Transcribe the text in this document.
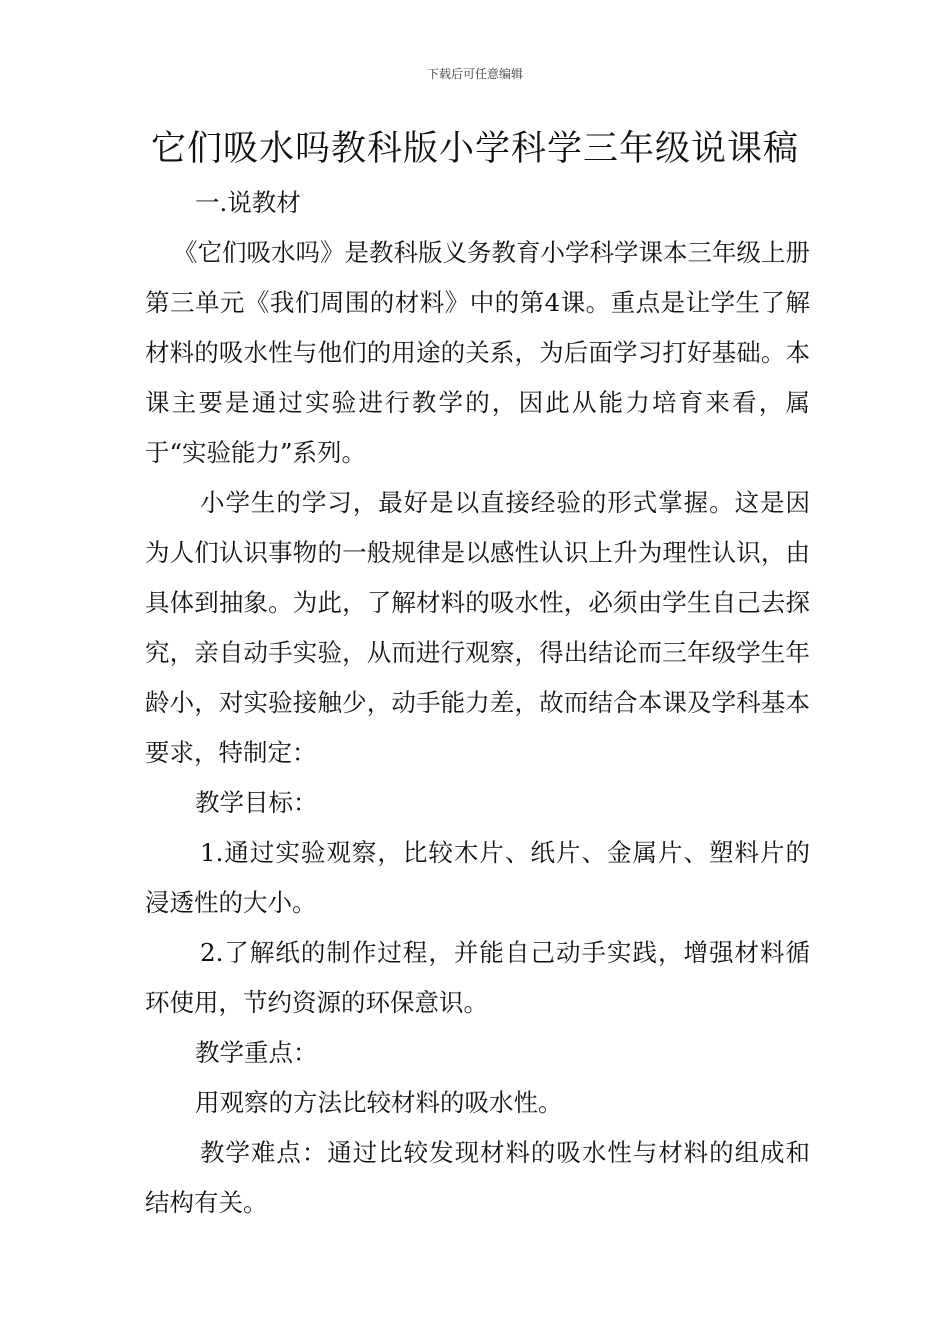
下载后可任意编辑
它们吸水吗教科版小学科学三年级说课稿

一.说教材

《它们吸水吗》是教科版义务教育小学科学课本三年级上册第三单元《我们周围的材料》中的第4课。重点是让学生了解材料的吸水性与他们的用途的关系，为后面学习打好基础。本课主要是通过实验进行教学的，因此从能力培育来看，属于“实验能力”系列。

小学生的学习，最好是以直接经验的形式掌握。这是因为人们认识事物的一般规律是以感性认识上升为理性认识，由具体到抽象。为此，了解材料的吸水性，必须由学生自己去探究，亲自动手实验，从而进行观察，得出结论而三年级学生年龄小，对实验接触少，动手能力差，故而结合本课及学科基本要求，特制定：

教学目标：

1.通过实验观察，比较木片、纸片、金属片、塑料片的浸透性的大小。

2.了解纸的制作过程，并能自己动手实践，增强材料循环使用，节约资源的环保意识。

教学重点：

用观察的方法比较材料的吸水性。

教学难点：通过比较发现材料的吸水性与材料的组成和结构有关。
